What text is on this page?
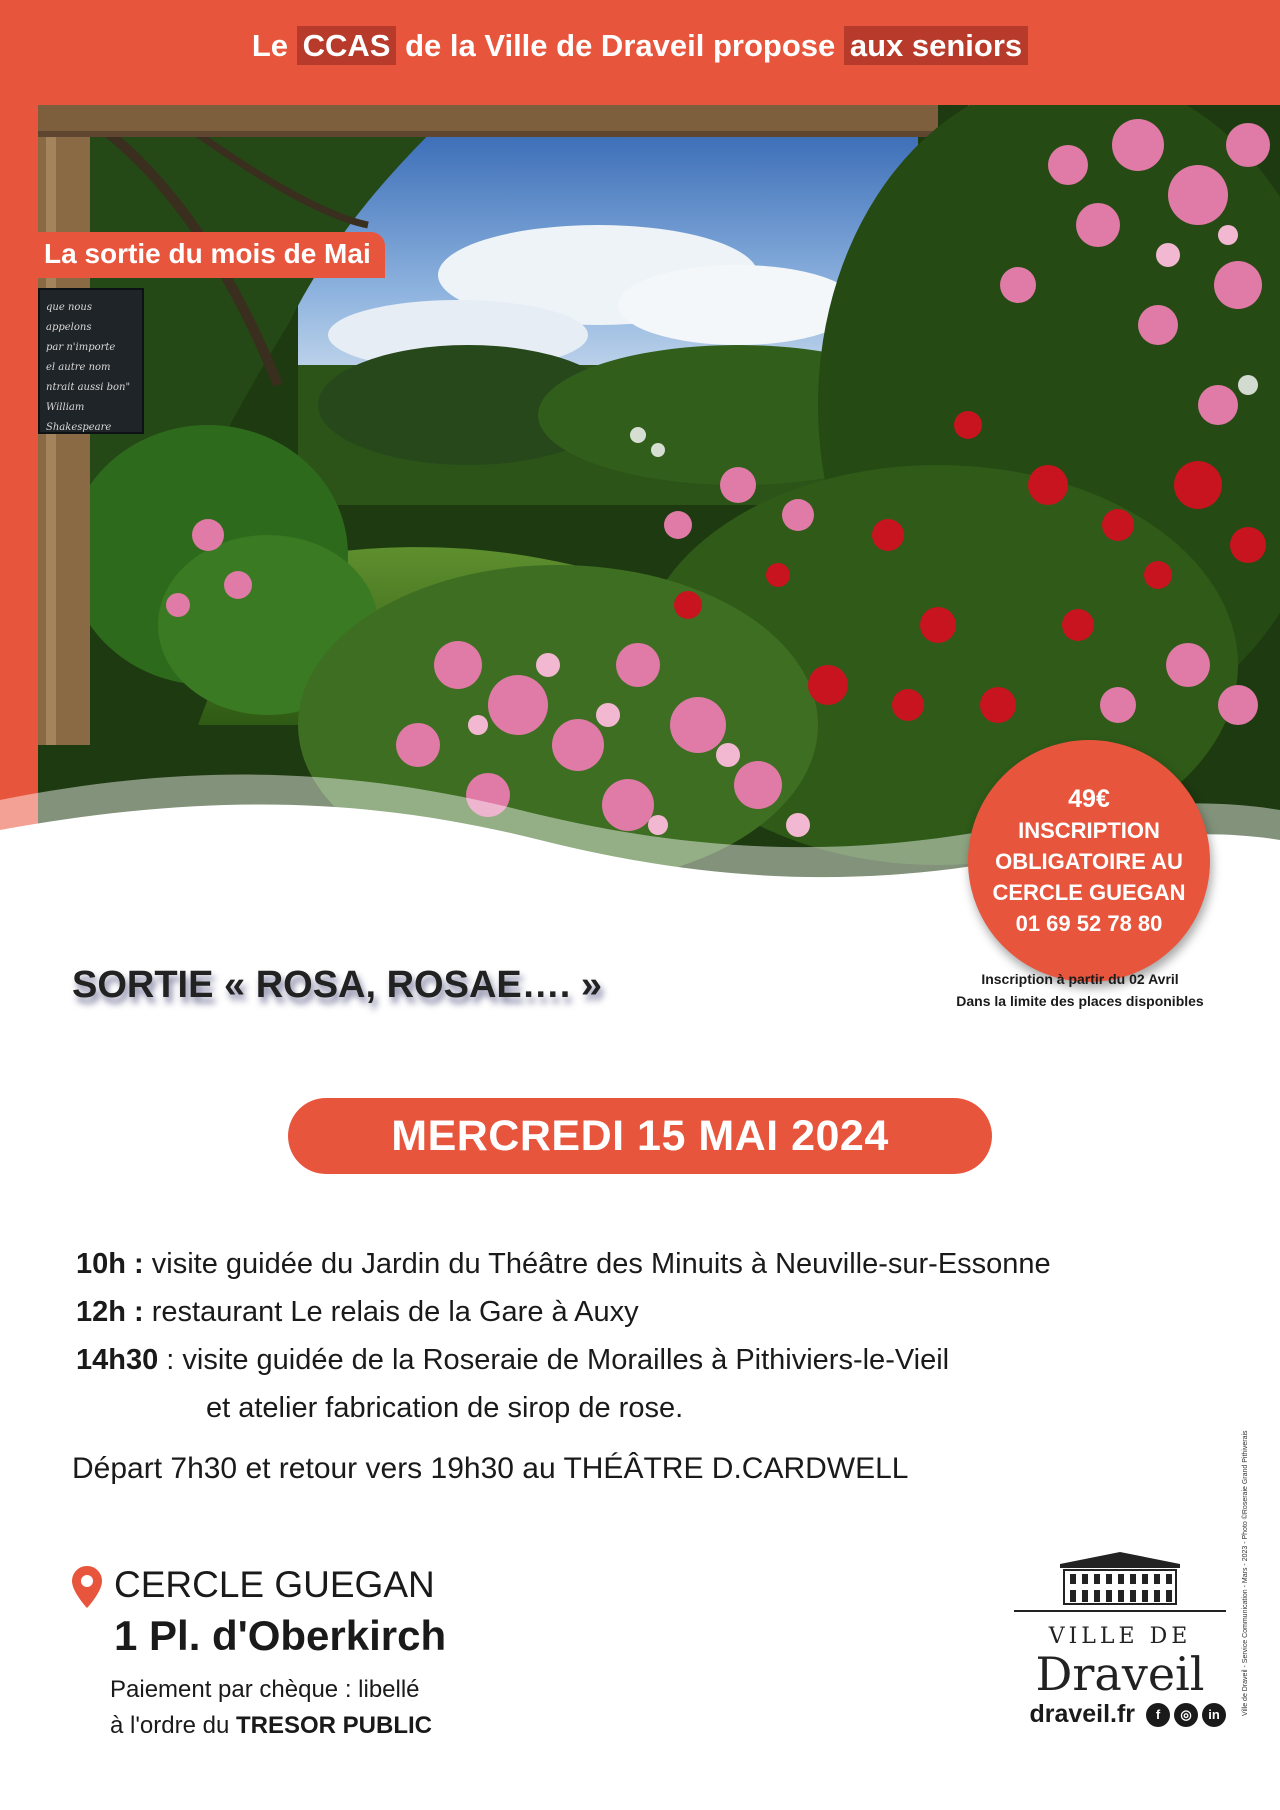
Le CCAS de la Ville de Draveil propose aux seniors
La sortie du mois de Mai
que nous appelons
par n'importe
el autre nom
ntrait aussi bon"
William Shakespeare
49€
INSCRIPTION
OBLIGATOIRE AU
CERCLE GUEGAN
01 69 52 78 80
Inscription à partir du 02 Avril
Dans la limite des places disponibles
SORTIE « ROSA, ROSAE…. »
MERCREDI 15 MAI 2024
10h : visite guidée du Jardin du Théâtre des Minuits à Neuville-sur-Essonne
12h : restaurant Le relais de la Gare à Auxy
14h30 : visite guidée de la Roseraie de Morailles à Pithiviers-le-Vieil
et atelier fabrication de sirop de rose.
Départ 7h30 et retour vers 19h30 au THÉÂTRE D.CARDWELL
CERCLE GUEGAN
1 Pl. d'Oberkirch
Paiement par chèque : libellé
à l'ordre du TRESOR PUBLIC
VILLE DE
Draveil
draveil.fr f ◎ in	Ville de Draveil - Service Communication - Mars - 2023 - Photo ©Roseraie Grand Pithiverais
